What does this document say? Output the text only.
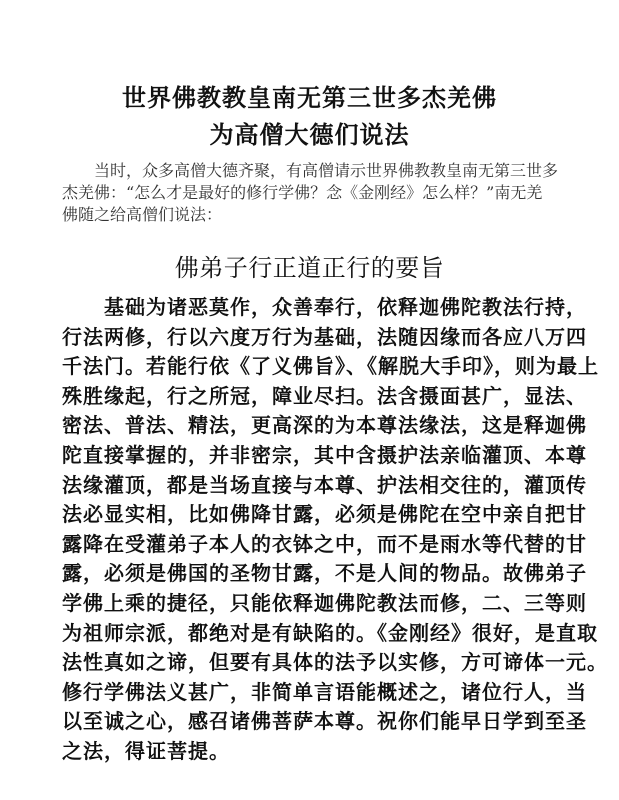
世界佛教教皇南无第三世多杰羌佛
为高僧大德们说法
当时，众多高僧大德齐聚，有高僧请示世界佛教教皇南无第三世多
杰羌佛：“怎么才是最好的修行学佛？念《金刚经》怎么样？”南无羌
佛随之给高僧们说法：
佛弟子行正道正行的要旨
基础为诸恶莫作，众善奉行，依释迦佛陀教法行持，
行法两修，行以六度万行为基础，法随因缘而各应八万四
千法门。若能行依《了义佛旨》、《解脱大手印》，则为最上
殊胜缘起，行之所冠，障业尽扫。法含摄面甚广，显法、
密法、普法、精法，更高深的为本尊法缘法，这是释迦佛
陀直接掌握的，并非密宗，其中含摄护法亲临灌顶、本尊
法缘灌顶，都是当场直接与本尊、护法相交往的，灌顶传
法必显实相，比如佛降甘露，必须是佛陀在空中亲自把甘
露降在受灌弟子本人的衣钵之中，而不是雨水等代替的甘
露，必须是佛国的圣物甘露，不是人间的物品。故佛弟子
学佛上乘的捷径，只能依释迦佛陀教法而修，二、三等则
为祖师宗派，都绝对是有缺陷的。《金刚经》很好，是直取
法性真如之谛，但要有具体的法予以实修，方可谛体一元。
修行学佛法义甚广，非简单言语能概述之，诸位行人，当
以至诚之心，感召诸佛菩萨本尊。祝你们能早日学到至圣
之法，得证菩提。
